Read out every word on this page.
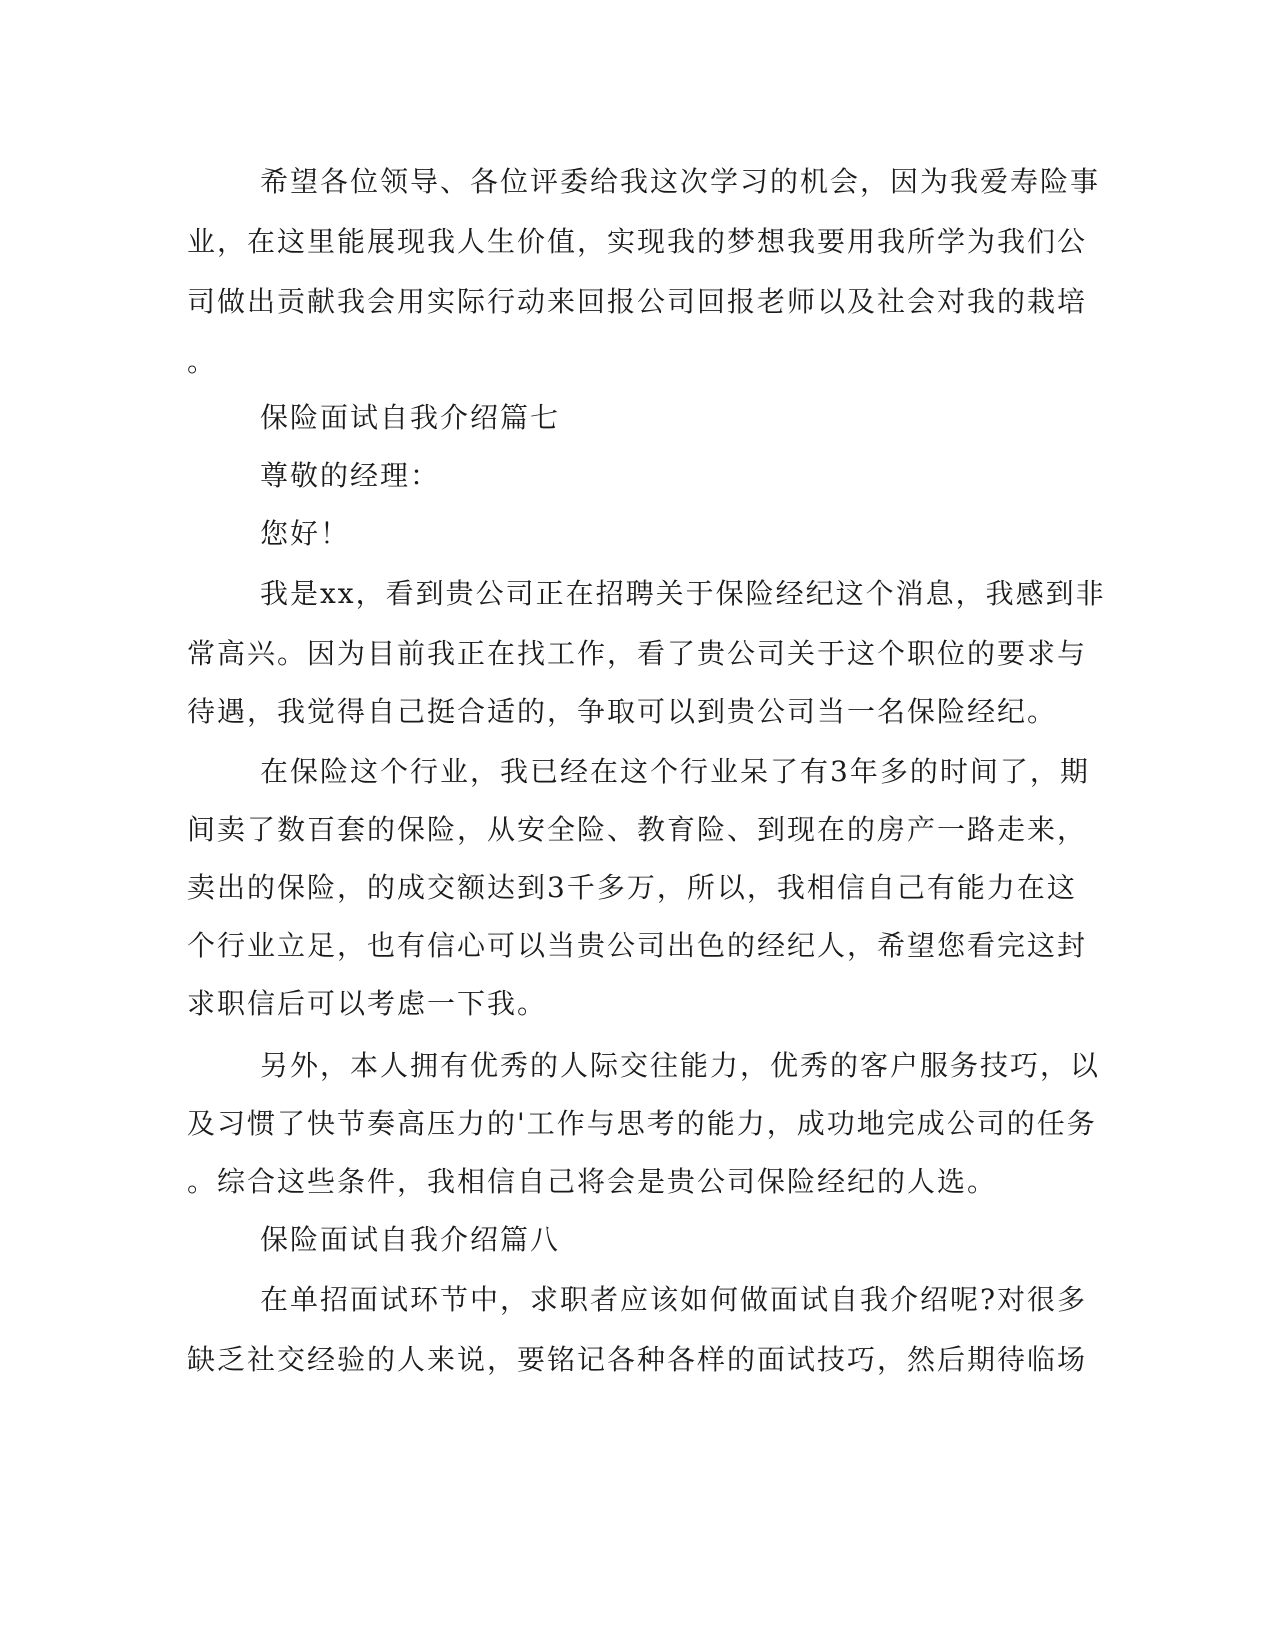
希望各位领导、各位评委给我这次学习的机会，因为我爱寿险事
业，在这里能展现我人生价值，实现我的梦想我要用我所学为我们公
司做出贡献我会用实际行动来回报公司回报老师以及社会对我的栽培
。
保险面试自我介绍篇七
尊敬的经理：
您好！
我是xx，看到贵公司正在招聘关于保险经纪这个消息，我感到非
常高兴。因为目前我正在找工作，看了贵公司关于这个职位的要求与
待遇，我觉得自己挺合适的，争取可以到贵公司当一名保险经纪。
在保险这个行业，我已经在这个行业呆了有3年多的时间了，期
间卖了数百套的保险，从安全险、教育险、到现在的房产一路走来，
卖出的保险，的成交额达到3千多万，所以，我相信自己有能力在这
个行业立足，也有信心可以当贵公司出色的经纪人，希望您看完这封
求职信后可以考虑一下我。
另外，本人拥有优秀的人际交往能力，优秀的客户服务技巧，以
及习惯了快节奏高压力的'工作与思考的能力，成功地完成公司的任务
。综合这些条件，我相信自己将会是贵公司保险经纪的人选。
保险面试自我介绍篇八
在单招面试环节中，求职者应该如何做面试自我介绍呢?对很多
缺乏社交经验的人来说，要铭记各种各样的面试技巧，然后期待临场
